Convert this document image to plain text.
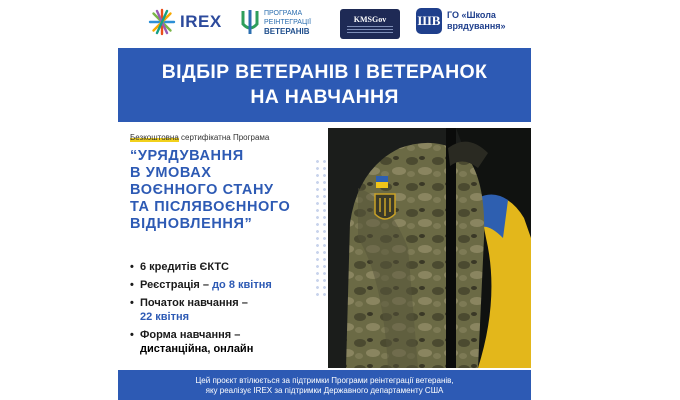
IREX	ПРОГРАМА
РЕІНТЕГРАЦІЇ
ВЕТЕРАНІВ
KMSGov ШВ ГО «Школа
врядування»
ВІДБІР ВЕТЕРАНІВ І ВЕТЕРАНОК
НА НАВЧАННЯ
Безкоштовна сертифікатна Програма
“УРЯДУВАННЯ
В УМОВАХ
ВОЄННОГО СТАНУ
ТА ПІСЛЯВОЄННОГО
ВІДНОВЛЕННЯ”
• 6 кредитів ЄКТС
• Реєстрація – до 8 квітня
• Початок навчання –
22 квітня
• Форма навчання –
дистанційна, онлайн
Цей проєкт втілюється за підтримки Програми реінтеграції ветеранів,
яку реалізує IREX за підтримки Державного департаменту США
